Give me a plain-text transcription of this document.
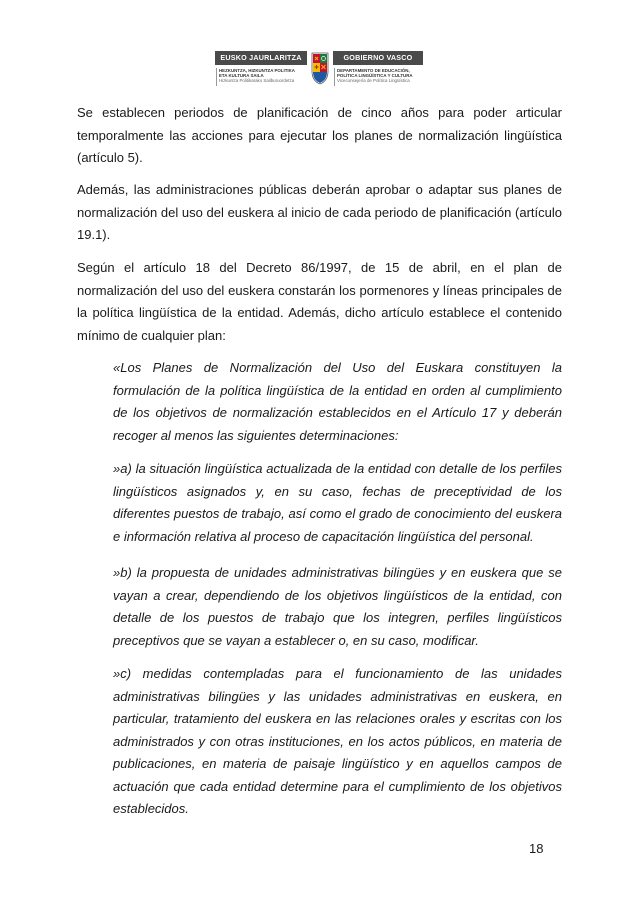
EUSKO JAURLARITZA	GOBIERNO VASCO
HEZKUNTZA, HIZKUNTZA POLITIKA
ETA KULTURA SAILA
Hizkuntza Politikarako Sailburuordetza
DEPARTAMENTO DE EDUCACIÓN,
POLÍTICA LINGÜÍSTICA Y CULTURA
Viceconsejería de Política Lingüística

Se establecen periodos de planificación de cinco años para poder articular temporalmente las acciones para ejecutar los planes de normalización lingüística (artículo 5).

Además, las administraciones públicas deberán aprobar o adaptar sus planes de normalización del uso del euskera al inicio de cada periodo de planificación (artículo 19.1).

Según el artículo 18 del Decreto 86/1997, de 15 de abril, en el plan de normalización del uso del euskera constarán los pormenores y líneas principales de la política lingüística de la entidad. Además, dicho artículo establece el contenido mínimo de cualquier plan:

«Los Planes de Normalización del Uso del Euskara constituyen la formulación de la política lingüística de la entidad en orden al cumplimiento de los objetivos de normalización establecidos en el Artículo 17 y deberán recoger al menos las siguientes determinaciones:

»a) la situación lingüística actualizada de la entidad con detalle de los perfiles lingüísticos asignados y, en su caso, fechas de preceptividad de los diferentes puestos de trabajo, así como el grado de conocimiento del euskera e información relativa al proceso de capacitación lingüística del personal.

»b) la propuesta de unidades administrativas bilingües y en euskera que se vayan a crear, dependiendo de los objetivos lingüísticos de la entidad, con detalle de los puestos de trabajo que los integren, perfiles lingüísticos preceptivos que se vayan a establecer o, en su caso, modificar.

»c) medidas contempladas para el funcionamiento de las unidades administrativas bilingües y las unidades administrativas en euskera, en particular, tratamiento del euskera en las relaciones orales y escritas con los administrados y con otras instituciones, en los actos públicos, en materia de publicaciones, en materia de paisaje lingüístico y en aquellos campos de actuación que cada entidad determine para el cumplimiento de los objetivos establecidos.

18
